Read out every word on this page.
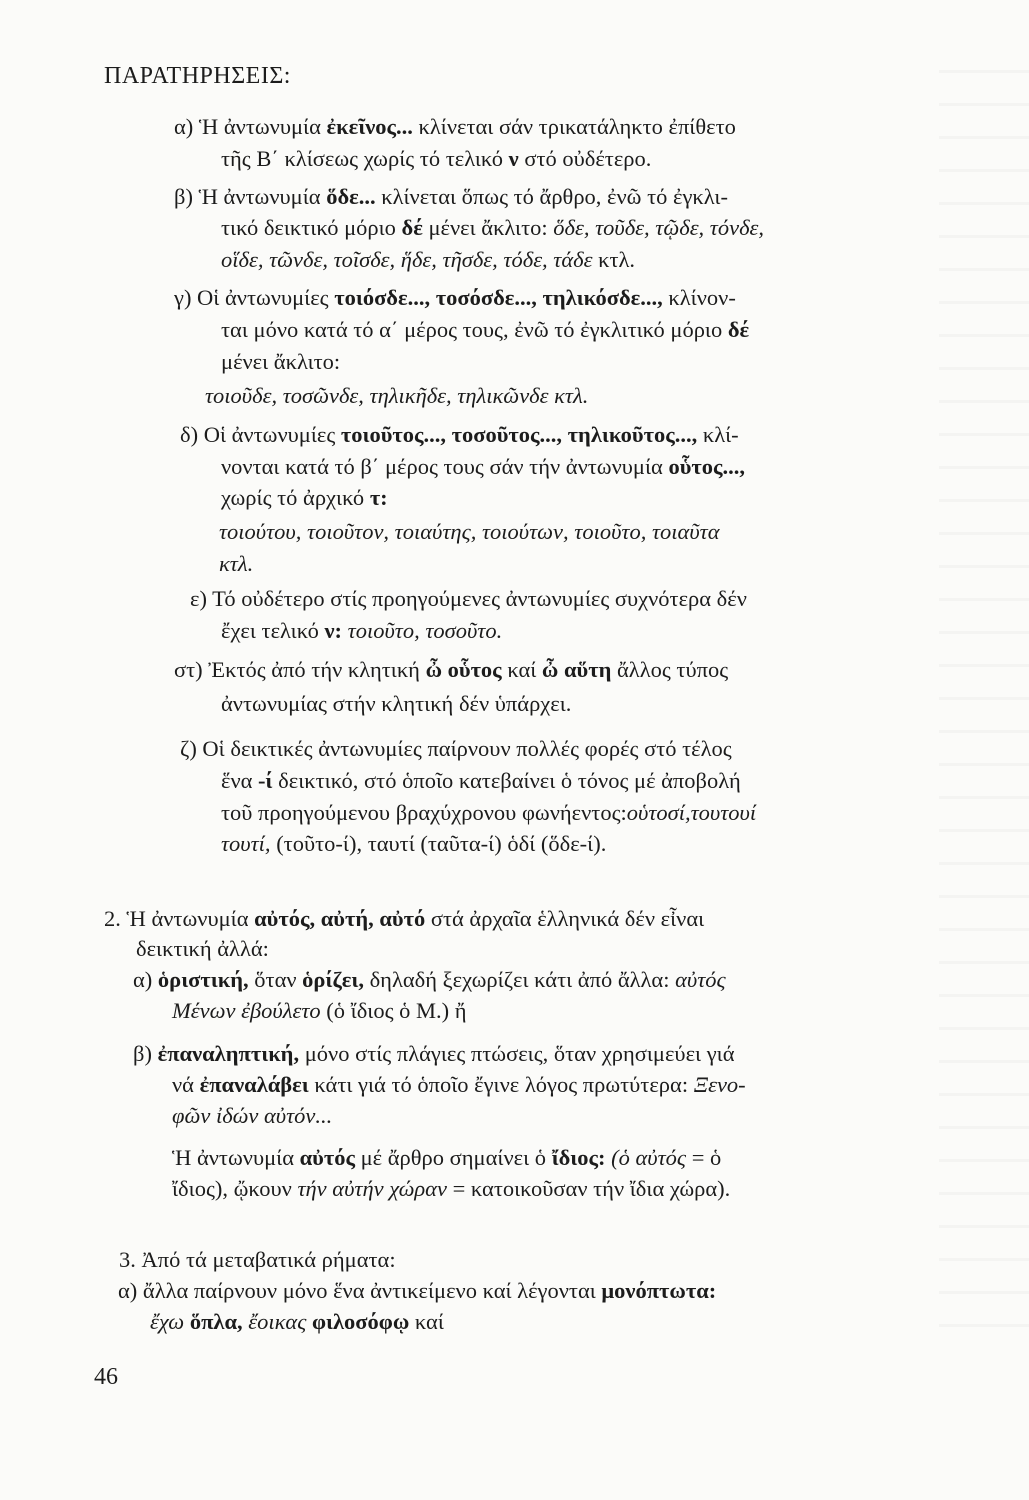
ΠΑΡΑΤΗΡΗΣΕΙΣ:
α) Ἡ ἀντωνυμία ἐκεῖνος... κλίνεται σάν τρικατάληκτο ἐπίθετο
τῆς Β΄ κλίσεως χωρίς τό τελικό ν στό οὐδέτερο.
β) Ἡ ἀντωνυμία ὅδε... κλίνεται ὅπως τό ἄρθρο, ἐνῶ τό ἐγκλι-
τικό δεικτικό μόριο δέ μένει ἄκλιτο: ὅδε, τοῦδε, τῷδε, τόνδε,
οἵδε, τῶνδε, τοῖσδε, ἥδε, τῆσδε, τόδε, τάδε κτλ.
γ) Οἱ ἀντωνυμίες τοιόσδε..., τοσόσδε..., τηλικόσδε..., κλίνον-
ται μόνο κατά τό α΄ μέρος τους, ἐνῶ τό ἐγκλιτικό μόριο δέ
μένει ἄκλιτο:
τοιοῦδε, τοσῶνδε, τηλικῆδε, τηλικῶνδε κτλ.
δ) Οἱ ἀντωνυμίες τοιοῦτος..., τοσοῦτος..., τηλικοῦτος..., κλί-
νονται κατά τό β΄ μέρος τους σάν τήν ἀντωνυμία οὗτος...,
χωρίς τό ἀρχικό τ:
τοιούτου, τοιοῦτον, τοιαύτης, τοιούτων, τοιοῦτο, τοιαῦτα
κτλ.
ε) Τό οὐδέτερο στίς προηγούμενες ἀντωνυμίες συχνότερα δέν
ἔχει τελικό ν: τοιοῦτο, τοσοῦτο.
στ) Ἐκτός ἀπό τήν κλητική ὦ οὗτος καί ὦ αὕτη ἄλλος τύπος
ἀντωνυμίας στήν κλητική δέν ὑπάρχει.
ζ) Οἱ δεικτικές ἀντωνυμίες παίρνουν πολλές φορές στό τέλος
ἕνα -ί δεικτικό, στό ὁποῖο κατεβαίνει ὁ τόνος μέ ἀποβολή
τοῦ προηγούμενου βραχύχρονου φωνήεντος:οὑτοσί,τουτουί
τουτί, (τοῦτο-ί), ταυτί (ταῦτα-ί) ὁδί (ὅδε-ί).
2. Ἡ ἀντωνυμία αὐτός, αὐτή, αὐτό στά ἀρχαῖα ἑλληνικά δέν εἶναι
δεικτική ἀλλά:
α) ὁριστική, ὅταν ὁρίζει, δηλαδή ξεχωρίζει κάτι ἀπό ἄλλα: αὐτός
Μένων ἐβούλετο (ὁ ἴδιος ὁ Μ.) ἤ
β) ἐπαναληπτική, μόνο στίς πλάγιες πτώσεις, ὅταν χρησιμεύει γιά
νά ἐπαναλάβει κάτι γιά τό ὁποῖο ἔγινε λόγος πρωτύτερα: Ξενο-
φῶν ἰδών αὐτόν...
Ἡ ἀντωνυμία αὐτός μέ ἄρθρο σημαίνει ὁ ἴδιος: (ὁ αὐτός = ὁ
ἴδιος), ᾤκουν τήν αὐτήν χώραν = κατοικοῦσαν τήν ἴδια χώρα).
3. Ἀπό τά μεταβατικά ρήματα:
α) ἄλλα παίρνουν μόνο ἕνα ἀντικείμενο καί λέγονται μονόπτωτα:
ἔχω ὅπλα, ἔοικας φιλοσόφῳ καί
46
